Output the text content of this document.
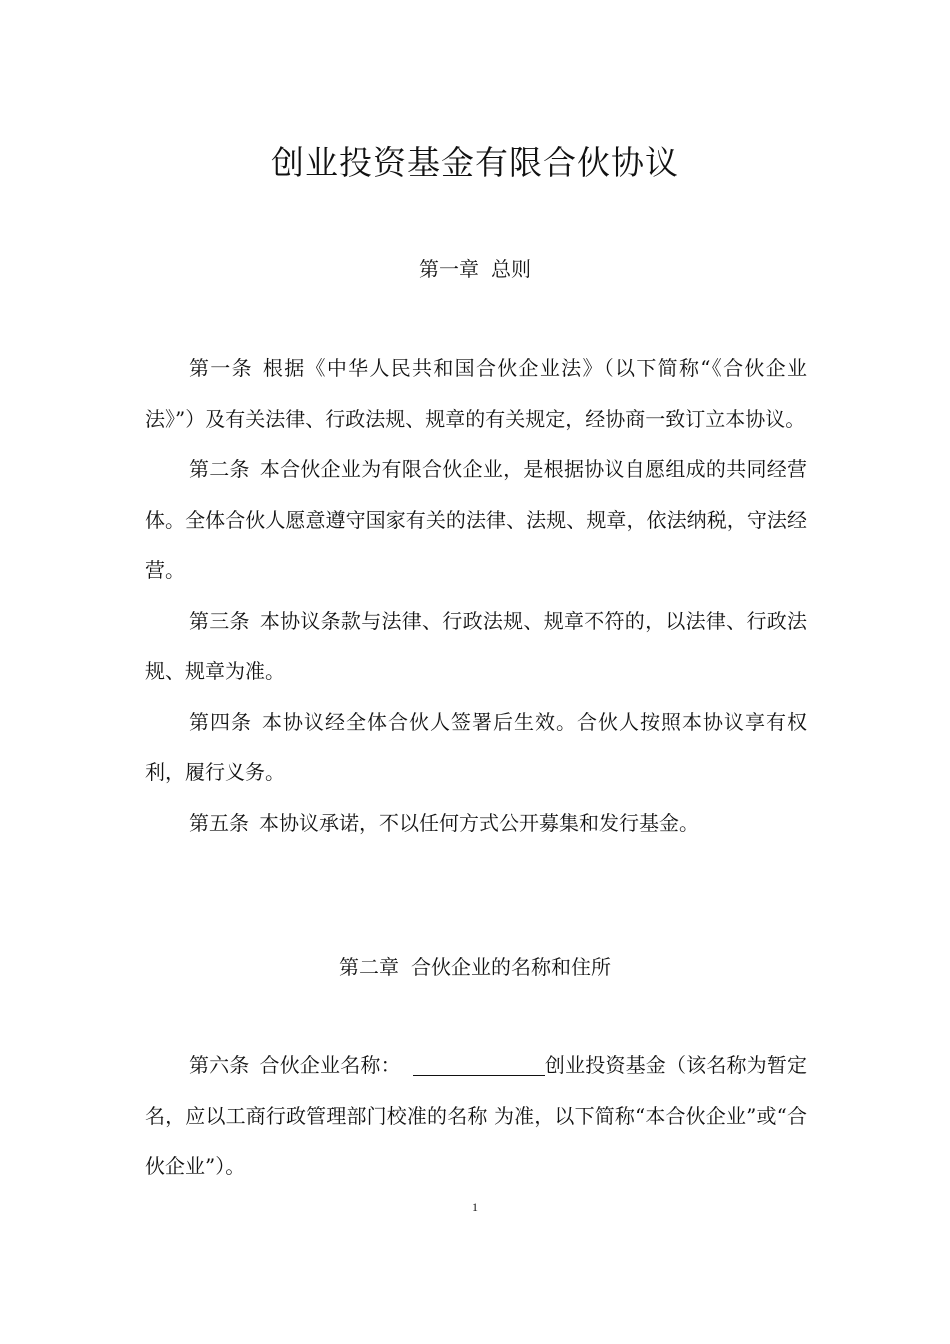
创业投资基金有限合伙协议
第一章 总则

第一条 根据《中华人民共和国合伙企业法》（以下简称“《合伙企业法》”）及有关法律、行政法规、规章的有关规定，经协商一致订立本协议。

第二条 本合伙企业为有限合伙企业，是根据协议自愿组成的共同经营体。全体合伙人愿意遵守国家有关的法律、法规、规章，依法纳税，守法经营。

第三条 本协议条款与法律、行政法规、规章不符的，以法律、行政法规、规章为准。

第四条 本协议经全体合伙人签署后生效。合伙人按照本协议享有权利，履行义务。

第五条 本协议承诺，不以任何方式公开募集和发行基金。

第二章 合伙企业的名称和住所

第六条 合伙企业名称：	创业投资基金（该名称为暂定名，应以工商行政管理部门校准的名称 为准，以下简称“本合伙企业”或“合伙企业”）。

1
